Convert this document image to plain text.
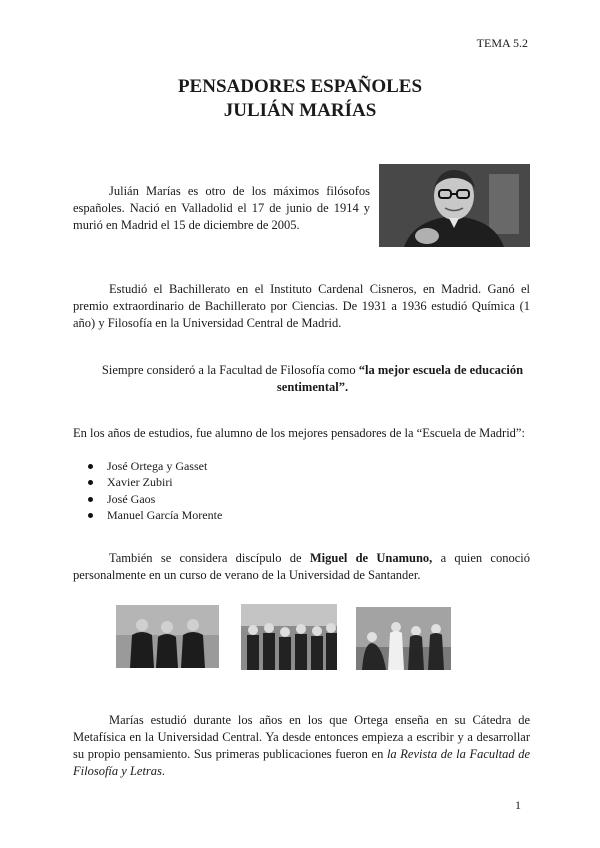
TEMA 5.2
PENSADORES ESPAÑOLES
JULIÁN MARÍAS
Julián Marías es otro de los máximos filósofos españoles. Nació en Valladolid el 17 de junio de 1914 y murió en Madrid el 15 de diciembre de 2005.
Estudió el Bachillerato en el Instituto Cardenal Cisneros, en Madrid. Ganó el premio extraordinario de Bachillerato por Ciencias. De 1931 a 1936 estudió Química (1 año) y Filosofía en la Universidad Central de Madrid.
Siempre consideró a la Facultad de Filosofía como “la mejor escuela de educación sentimental”.
En los años de estudios, fue alumno de los mejores pensadores de la “Escuela de Madrid”:
José Ortega y Gasset
Xavier Zubiri
José Gaos
Manuel García Morente
También se considera discípulo de Miguel de Unamuno, a quien conoció personalmente en un curso de verano de la Universidad de Santander.
Marías estudió durante los años en los que Ortega enseña en su Cátedra de Metafísica en la Universidad Central. Ya desde entonces empieza a escribir y a desarrollar su propio pensamiento. Sus primeras publicaciones fueron en la Revista de la Facultad de Filosofía y Letras.
1
